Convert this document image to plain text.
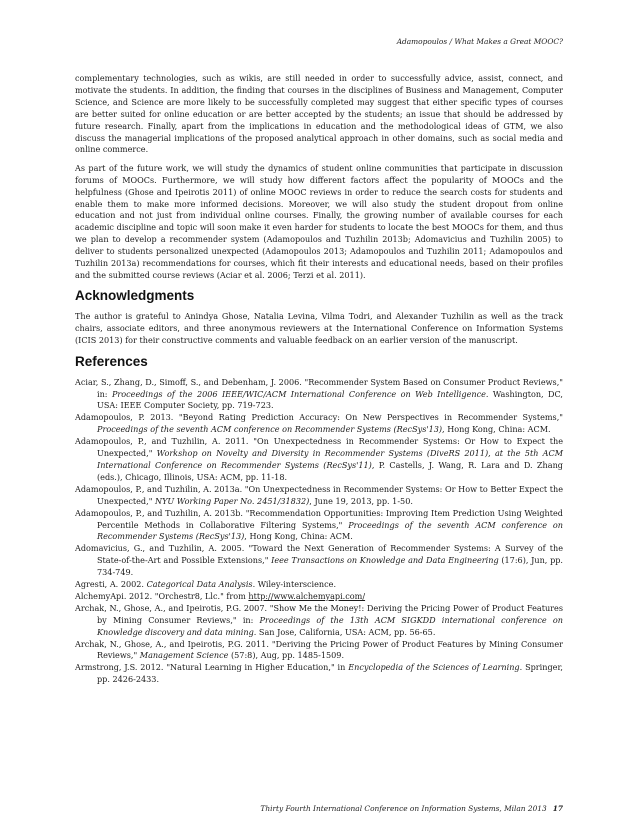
Adamopoulos / What Makes a Great MOOC?

complementary technologies, such as wikis, are still needed in order to successfully advice, assist, connect, and motivate the students. In addition, the finding that courses in the disciplines of Business and Management, Computer Science, and Science are more likely to be successfully completed may suggest that either specific types of courses are better suited for online education or are better accepted by the students; an issue that should be addressed by future research. Finally, apart from the implications in education and the methodological ideas of GTM, we also discuss the managerial implications of the proposed analytical approach in other domains, such as social media and online commerce.

As part of the future work, we will study the dynamics of student online communities that participate in discussion forums of MOOCs. Furthermore, we will study how different factors affect the popularity of MOOCs and the helpfulness (Ghose and Ipeirotis 2011) of online MOOC reviews in order to reduce the search costs for students and enable them to make more informed decisions. Moreover, we will also study the student dropout from online education and not just from individual online courses. Finally, the growing number of available courses for each academic discipline and topic will soon make it even harder for students to locate the best MOOCs for them, and thus we plan to develop a recommender system (Adamopoulos and Tuzhilin 2013b; Adomavicius and Tuzhilin 2005) to deliver to students personalized unexpected (Adamopoulos 2013; Adamopoulos and Tuzhilin 2011; Adamopoulos and Tuzhilin 2013a) recommendations for courses, which fit their interests and educational needs, based on their profiles and the submitted course reviews (Aciar et al. 2006; Terzi et al. 2011).

Acknowledgments

The author is grateful to Anindya Ghose, Natalia Levina, Vilma Todri, and Alexander Tuzhilin as well as the track chairs, associate editors, and three anonymous reviewers at the International Conference on Information Systems (ICIS 2013) for their constructive comments and valuable feedback on an earlier version of the manuscript.

References
Aciar, S., Zhang, D., Simoff, S., and Debenham, J. 2006. "Recommender System Based on Consumer Product Reviews," in: Proceedings of the 2006 IEEE/WIC/ACM International Conference on Web Intelligence. Washington, DC, USA: IEEE Computer Society, pp. 719-723.
Adamopoulos, P. 2013. "Beyond Rating Prediction Accuracy: On New Perspectives in Recommender Systems," Proceedings of the seventh ACM conference on Recommender Systems (RecSys'13), Hong Kong, China: ACM.
Adamopoulos, P., and Tuzhilin, A. 2011. "On Unexpectedness in Recommender Systems: Or How to Expect the Unexpected," Workshop on Novelty and Diversity in Recommender Systems (DiveRS 2011), at the 5th ACM International Conference on Recommender Systems (RecSys'11), P. Castells, J. Wang, R. Lara and D. Zhang (eds.), Chicago, Illinois, USA: ACM, pp. 11-18.
Adamopoulos, P., and Tuzhilin, A. 2013a. "On Unexpectedness in Recommender Systems: Or How to Better Expect the Unexpected," NYU Working Paper No. 2451/31832), June 19, 2013, pp. 1-50.
Adamopoulos, P., and Tuzhilin, A. 2013b. "Recommendation Opportunities: Improving Item Prediction Using Weighted Percentile Methods in Collaborative Filtering Systems," Proceedings of the seventh ACM conference on Recommender Systems (RecSys'13), Hong Kong, China: ACM.
Adomavicius, G., and Tuzhilin, A. 2005. "Toward the Next Generation of Recommender Systems: A Survey of the State-of-the-Art and Possible Extensions," Ieee Transactions on Knowledge and Data Engineering (17:6), Jun, pp. 734-749.
Agresti, A. 2002. Categorical Data Analysis. Wiley-interscience.
AlchemyApi. 2012. "Orchestr8, Llc." from http://www.alchemyapi.com/
Archak, N., Ghose, A., and Ipeirotis, P.G. 2007. "Show Me the Money!: Deriving the Pricing Power of Product Features by Mining Consumer Reviews," in: Proceedings of the 13th ACM SIGKDD international conference on Knowledge discovery and data mining. San Jose, California, USA: ACM, pp. 56-65.
Archak, N., Ghose, A., and Ipeirotis, P.G. 2011. "Deriving the Pricing Power of Product Features by Mining Consumer Reviews," Management Science (57:8), Aug, pp. 1485-1509.
Armstrong, J.S. 2012. "Natural Learning in Higher Education," in Encyclopedia of the Sciences of Learning. Springer, pp. 2426-2433.
Thirty Fourth International Conference on Information Systems, Milan 2013 17
